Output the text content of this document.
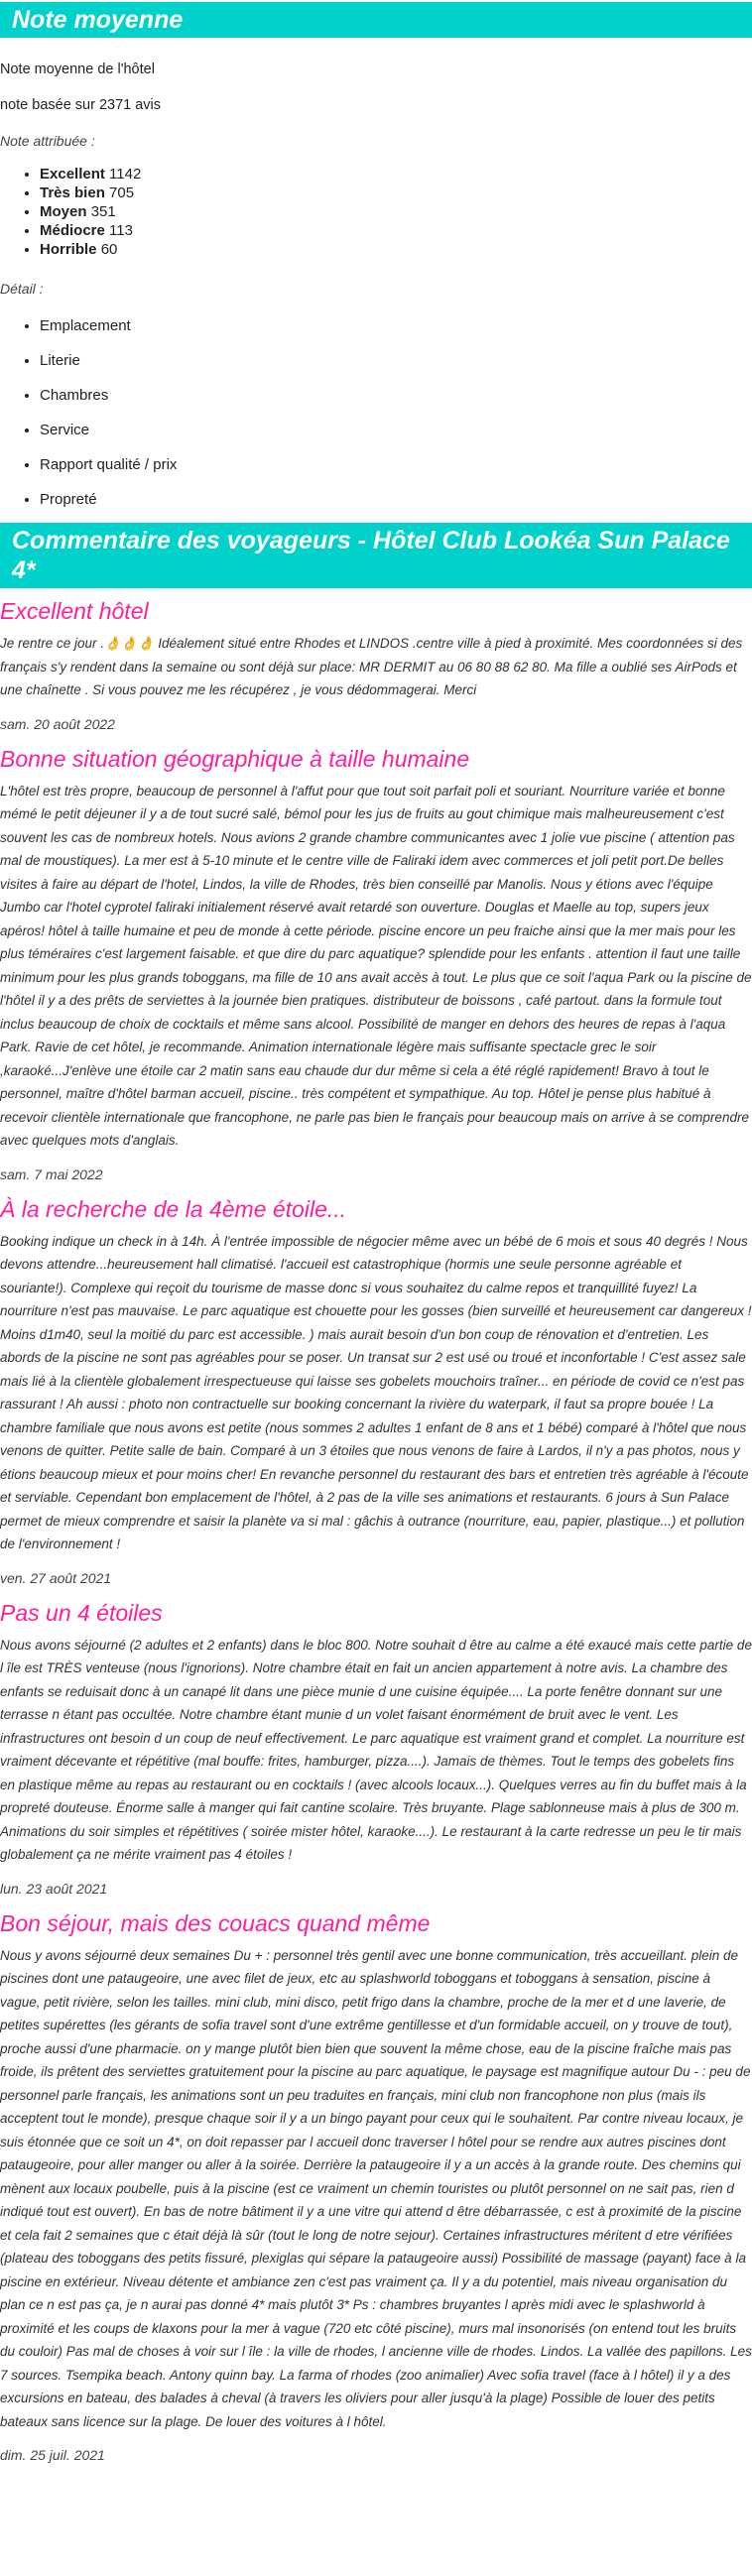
Note moyenne

Note moyenne de l'hôtel

note basée sur 2371 avis

Note attribuée :

• Excellent 1142
• Très bien 705
• Moyen 351
• Médiocre 113
• Horrible 60

Détail :

• Emplacement
• Literie
• Chambres
• Service
• Rapport qualité / prix
• Propreté
Commentaire des voyageurs - Hôtel Club Lookéa Sun Palace 4*
Excellent hôtel

Je rentre ce jour .👌👌👌 Idéalement situé entre Rhodes et LINDOS .centre ville à pied à proximité. Mes coordonnées si des français s'y rendent dans la semaine ou sont déjà sur place: MR DERMIT au 06 80 88 62 80. Ma fille a oublié ses AirPods et une chaînette . Si vous pouvez me les récupérez , je vous dédommagerai. Merci

sam. 20 août 2022

Bonne situation géographique à taille humaine

L'hôtel est très propre, beaucoup de personnel à l'affut pour que tout soit parfait poli et souriant. Nourriture variée et bonne mémé le petit déjeuner il y a de tout sucré salé, bémol pour les jus de fruits au gout chimique mais malheureusement c'est souvent les cas de nombreux hotels. Nous avions 2 grande chambre communicantes avec 1 jolie vue piscine ( attention pas mal de moustiques). La mer est à 5-10 minute et le centre ville de Faliraki idem avec commerces et joli petit port.De belles visites à faire au départ de l'hotel, Lindos, la ville de Rhodes, très bien conseillé par Manolis. Nous y étions avec l'équipe Jumbo car l'hotel cyprotel faliraki initialement réservé avait retardé son ouverture. Douglas et Maelle au top, supers jeux apéros! hôtel à taille humaine et peu de monde à cette période. piscine encore un peu fraiche ainsi que la mer mais pour les plus téméraires c'est largement faisable. et que dire du parc aquatique? splendide pour les enfants . attention il faut une taille minimum pour les plus grands toboggans, ma fille de 10 ans avait accès à tout. Le plus que ce soit l'aqua Park ou la piscine de l'hôtel il y a des prêts de serviettes à la journée bien pratiques. distributeur de boissons , café partout. dans la formule tout inclus beaucoup de choix de cocktails et même sans alcool. Possibilité de manger en dehors des heures de repas à l'aqua Park. Ravie de cet hôtel, je recommande. Animation internationale légère mais suffisante spectacle grec le soir ,karaoké...J'enlève une étoile car 2 matin sans eau chaude dur dur même si cela a été réglé rapidement! Bravo à tout le personnel, maître d'hôtel barman accueil, piscine.. très compétent et sympathique. Au top. Hôtel je pense plus habitué à recevoir clientèle internationale que francophone, ne parle pas bien le français pour beaucoup mais on arrive à se comprendre avec quelques mots d'anglais.

sam. 7 mai 2022

À la recherche de la 4ème étoile...

Booking indique un check in à 14h. À l'entrée impossible de négocier même avec un bébé de 6 mois et sous 40 degrés ! Nous devons attendre...heureusement hall climatisé. l'accueil est catastrophique (hormis une seule personne agréable et souriante!). Complexe qui reçoit du tourisme de masse donc si vous souhaitez du calme repos et tranquillité fuyez! La nourriture n'est pas mauvaise. Le parc aquatique est chouette pour les gosses (bien surveillé et heureusement car dangereux ! Moins d1m40, seul la moitié du parc est accessible. ) mais aurait besoin d'un bon coup de rénovation et d'entretien. Les abords de la piscine ne sont pas agréables pour se poser. Un transat sur 2 est usé ou troué et inconfortable ! C'est assez sale mais lié à la clientèle globalement irrespectueuse qui laisse ses gobelets mouchoirs traîner... en période de covid ce n'est pas rassurant ! Ah aussi : photo non contractuelle sur booking concernant la rivière du waterpark, il faut sa propre bouée ! La chambre familiale que nous avons est petite (nous sommes 2 adultes 1 enfant de 8 ans et 1 bébé) comparé à l'hôtel que nous venons de quitter. Petite salle de bain. Comparé à un 3 étoiles que nous venons de faire à Lardos, il n'y a pas photos, nous y étions beaucoup mieux et pour moins cher! En revanche personnel du restaurant des bars et entretien très agréable à l'écoute et serviable. Cependant bon emplacement de l'hôtel, à 2 pas de la ville ses animations et restaurants. 6 jours à Sun Palace permet de mieux comprendre et saisir la planète va si mal : gâchis à outrance (nourriture, eau, papier, plastique...) et pollution de l'environnement !

ven. 27 août 2021

Pas un 4 étoiles

Nous avons séjourné (2 adultes et 2 enfants) dans le bloc 800. Notre souhait d être au calme a été exaucé mais cette partie de l île est TRÈS venteuse (nous l'ignorions). Notre chambre était en fait un ancien appartement à notre avis. La chambre des enfants se reduisait donc à un canapé lit dans une pièce munie d une cuisine équipée.... La porte fenêtre donnant sur une terrasse n étant pas occultée. Notre chambre étant munie d un volet faisant énormément de bruit avec le vent. Les infrastructures ont besoin d un coup de neuf effectivement. Le parc aquatique est vraiment grand et complet. La nourriture est vraiment décevante et répétitive (mal bouffe: frites, hamburger, pizza....). Jamais de thèmes. Tout le temps des gobelets fins en plastique même au repas au restaurant ou en cocktails ! (avec alcools locaux...). Quelques verres au fin du buffet mais à la propreté douteuse. Énorme salle à manger qui fait cantine scolaire. Très bruyante. Plage sablonneuse mais à plus de 300 m. Animations du soir simples et répétitives ( soirée mister hôtel, karaoke....). Le restaurant à la carte redresse un peu le tir mais globalement ça ne mérite vraiment pas 4 étoiles !

lun. 23 août 2021

Bon séjour, mais des couacs quand même

Nous y avons séjourné deux semaines Du + : personnel très gentil avec une bonne communication, très accueillant. plein de piscines dont une pataugeoire, une avec filet de jeux, etc au splashworld toboggans et toboggans à sensation, piscine à vague, petit rivière, selon les tailles. mini club, mini disco, petit frigo dans la chambre, proche de la mer et d une laverie, de petites supérettes (les gérants de sofia travel sont d'une extrême gentillesse et d'un formidable accueil, on y trouve de tout), proche aussi d'une pharmacie. on y mange plutôt bien bien que souvent la même chose, eau de la piscine fraîche mais pas froide, ils prêtent des serviettes gratuitement pour la piscine au parc aquatique, le paysage est magnifique autour Du - : peu de personnel parle français, les animations sont un peu traduites en français, mini club non francophone non plus (mais ils acceptent tout le monde), presque chaque soir il y a un bingo payant pour ceux qui le souhaitent. Par contre niveau locaux, je suis étonnée que ce soit un 4*, on doit repasser par l accueil donc traverser l hôtel pour se rendre aux autres piscines dont pataugeoire, pour aller manger ou aller à la soirée. Derrière la pataugeoire il y a un accès à la grande route. Des chemins qui mènent aux locaux poubelle, puis à la piscine (est ce vraiment un chemin touristes ou plutôt personnel on ne sait pas, rien d indiqué tout est ouvert). En bas de notre bâtiment il y a une vitre qui attend d être débarrassée, c est à proximité de la piscine et cela fait 2 semaines que c était déjà là sûr (tout le long de notre sejour). Certaines infrastructures méritent d etre vérifiées (plateau des toboggans des petits fissuré, plexiglas qui sépare la pataugeoire aussi) Possibilité de massage (payant) face à la piscine en extérieur. Niveau détente et ambiance zen c'est pas vraiment ça. Il y a du potentiel, mais niveau organisation du plan ce n est pas ça, je n aurai pas donné 4* mais plutôt 3* Ps : chambres bruyantes l après midi avec le splashworld à proximité et les coups de klaxons pour la mer à vague (720 etc côté piscine), murs mal insonorisés (on entend tout les bruits du couloir) Pas mal de choses à voir sur l île : la ville de rhodes, l ancienne ville de rhodes. Lindos. La vallée des papillons. Les 7 sources. Tsempika beach. Antony quinn bay. La farma of rhodes (zoo animalier) Avec sofia travel (face à l hôtel) il y a des excursions en bateau, des balades à cheval (à travers les oliviers pour aller jusqu'à la plage) Possible de louer des petits bateaux sans licence sur la plage. De louer des voitures à l hôtel.

dim. 25 juil. 2021
